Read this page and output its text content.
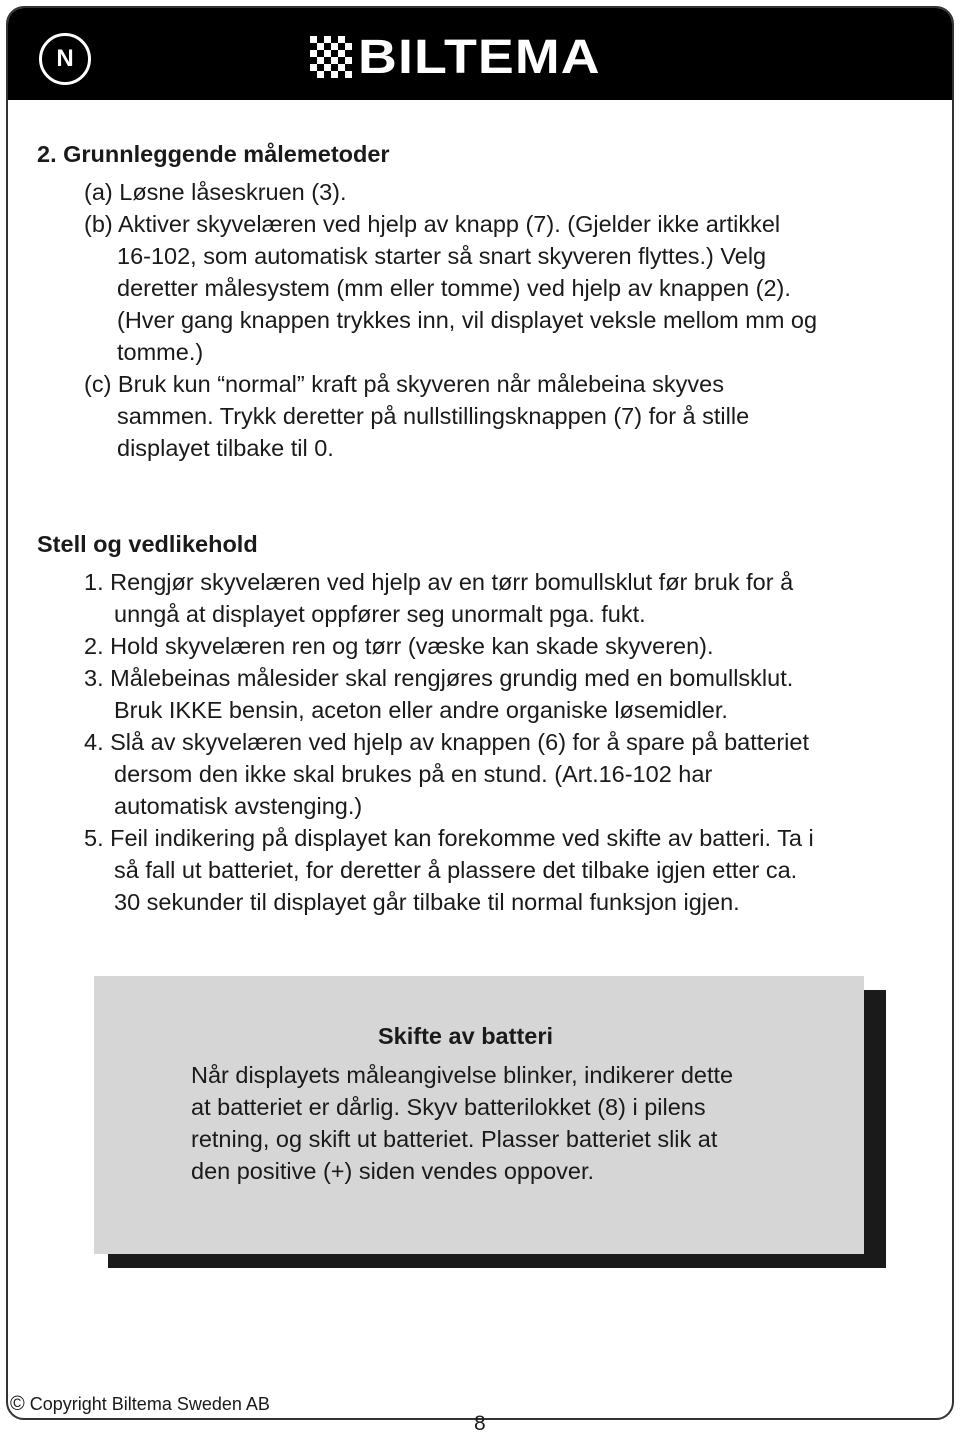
N	BILTEMA
2. Grunnleggende målemetoder
(a) Løsne låseskruen (3).
(b) Aktiver skyvelæren ved hjelp av knapp (7). (Gjelder ikke artikkel
16-102, som automatisk starter så snart skyveren flyttes.) Velg
deretter målesystem (mm eller tomme) ved hjelp av knappen (2).
(Hver gang knappen trykkes inn, vil displayet veksle mellom mm og
tomme.)
(c) Bruk kun “normal” kraft på skyveren når målebeina skyves
sammen. Trykk deretter på nullstillingsknappen (7) for å stille
displayet tilbake til 0.
Stell og vedlikehold
1. Rengjør skyvelæren ved hjelp av en tørr bomullsklut før bruk for å
unngå at displayet oppfører seg unormalt pga. fukt.
2. Hold skyvelæren ren og tørr (væske kan skade skyveren).
3. Målebeinas målesider skal rengjøres grundig med en bomullsklut.
Bruk IKKE bensin, aceton eller andre organiske løsemidler.
4. Slå av skyvelæren ved hjelp av knappen (6) for å spare på batteriet
dersom den ikke skal brukes på en stund. (Art.16-102 har
automatisk avstenging.)
5. Feil indikering på displayet kan forekomme ved skifte av batteri. Ta i
så fall ut batteriet, for deretter å plassere det tilbake igjen etter ca.
30 sekunder til displayet går tilbake til normal funksjon igjen.
Skifte av batteri
Når displayets måleangivelse blinker, indikerer dette
at batteriet er dårlig. Skyv batterilokket (8) i pilens
retning, og skift ut batteriet. Plasser batteriet slik at
den positive (+) siden vendes oppover.
© Copyright Biltema Sweden AB
8
